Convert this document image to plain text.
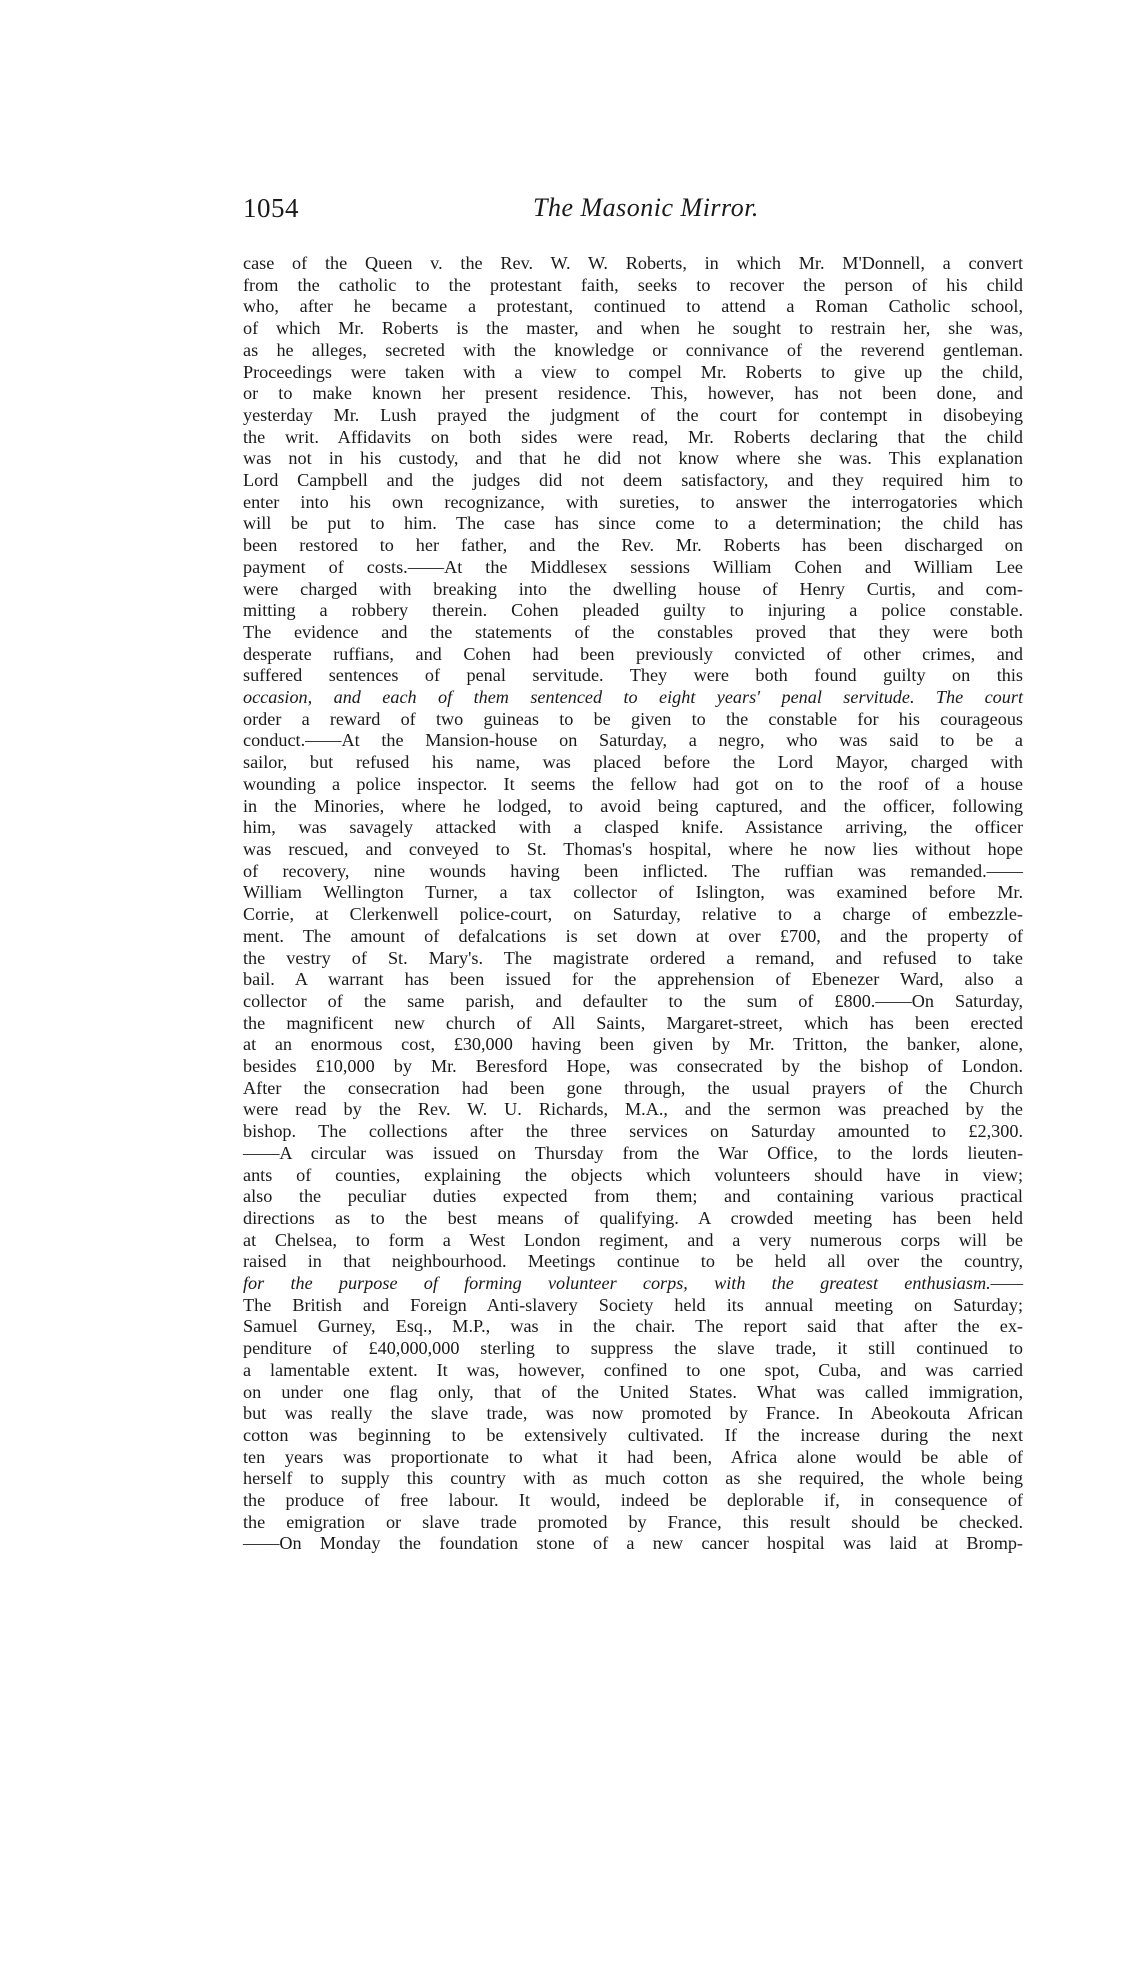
1054	The Masonic Mirror.
case of the Queen v. the Rev. W. W. Roberts, in which Mr. M'Donnell, a convert
from the catholic to the protestant faith, seeks to recover the person of his child
who, after he became a protestant, continued to attend a Roman Catholic school,
of which Mr. Roberts is the master, and when he sought to restrain her, she was,
as he alleges, secreted with the knowledge or connivance of the reverend gentleman.
Proceedings were taken with a view to compel Mr. Roberts to give up the child,
or to make known her present residence. This, however, has not been done, and
yesterday Mr. Lush prayed the judgment of the court for contempt in disobeying
the writ. Affidavits on both sides were read, Mr. Roberts declaring that the child
was not in his custody, and that he did not know where she was. This explanation
Lord Campbell and the judges did not deem satisfactory, and they required him to
enter into his own recognizance, with sureties, to answer the interrogatories which
will be put to him. The case has since come to a determination; the child has
been restored to her father, and the Rev. Mr. Roberts has been discharged on
payment of costs.——At the Middlesex sessions William Cohen and William Lee
were charged with breaking into the dwelling house of Henry Curtis, and com-
mitting a robbery therein. Cohen pleaded guilty to injuring a police constable.
The evidence and the statements of the constables proved that they were both
desperate ruffians, and Cohen had been previously convicted of other crimes, and
suffered sentences of penal servitude. They were both found guilty on this
occasion, and each of them sentenced to eight years' penal servitude. The court
order a reward of two guineas to be given to the constable for his courageous
conduct.——At the Mansion-house on Saturday, a negro, who was said to be a
sailor, but refused his name, was placed before the Lord Mayor, charged with
wounding a police inspector. It seems the fellow had got on to the roof of a house
in the Minories, where he lodged, to avoid being captured, and the officer, following
him, was savagely attacked with a clasped knife. Assistance arriving, the officer
was rescued, and conveyed to St. Thomas's hospital, where he now lies without hope
of recovery, nine wounds having been inflicted. The ruffian was remanded.——
William Wellington Turner, a tax collector of Islington, was examined before Mr.
Corrie, at Clerkenwell police-court, on Saturday, relative to a charge of embezzle-
ment. The amount of defalcations is set down at over £700, and the property of
the vestry of St. Mary's. The magistrate ordered a remand, and refused to take
bail. A warrant has been issued for the apprehension of Ebenezer Ward, also a
collector of the same parish, and defaulter to the sum of £800.——On Saturday,
the magnificent new church of All Saints, Margaret-street, which has been erected
at an enormous cost, £30,000 having been given by Mr. Tritton, the banker, alone,
besides £10,000 by Mr. Beresford Hope, was consecrated by the bishop of London.
After the consecration had been gone through, the usual prayers of the Church
were read by the Rev. W. U. Richards, M.A., and the sermon was preached by the
bishop. The collections after the three services on Saturday amounted to £2,300.
——A circular was issued on Thursday from the War Office, to the lords lieuten-
ants of counties, explaining the objects which volunteers should have in view;
also the peculiar duties expected from them; and containing various practical
directions as to the best means of qualifying. A crowded meeting has been held
at Chelsea, to form a West London regiment, and a very numerous corps will be
raised in that neighbourhood. Meetings continue to be held all over the country,
for the purpose of forming volunteer corps, with the greatest enthusiasm.——
The British and Foreign Anti-slavery Society held its annual meeting on Saturday;
Samuel Gurney, Esq., M.P., was in the chair. The report said that after the ex-
penditure of £40,000,000 sterling to suppress the slave trade, it still continued to
a lamentable extent. It was, however, confined to one spot, Cuba, and was carried
on under one flag only, that of the United States. What was called immigration,
but was really the slave trade, was now promoted by France. In Abeokouta African
cotton was beginning to be extensively cultivated. If the increase during the next
ten years was proportionate to what it had been, Africa alone would be able of
herself to supply this country with as much cotton as she required, the whole being
the produce of free labour. It would, indeed be deplorable if, in consequence of
the emigration or slave trade promoted by France, this result should be checked.
——On Monday the foundation stone of a new cancer hospital was laid at Bromp-
